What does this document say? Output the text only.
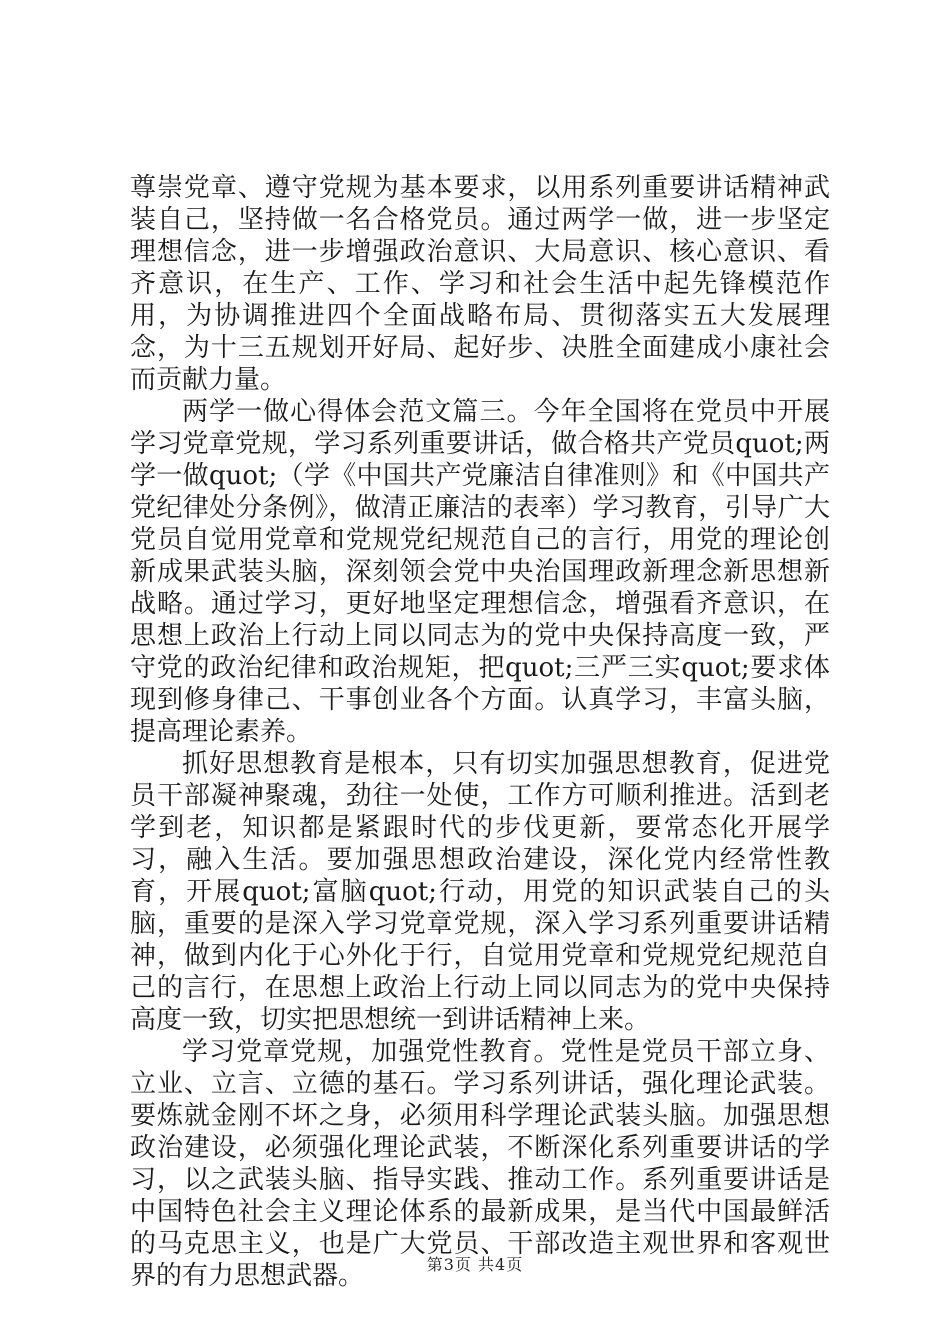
尊崇党章、遵守党规为基本要求，以用系列重要讲话精神武装自己，坚持做一名合格党员。通过两学一做，进一步坚定理想信念，进一步增强政治意识、大局意识、核心意识、看齐意识，在生产、工作、学习和社会生活中起先锋模范作用，为协调推进四个全面战略布局、贯彻落实五大发展理念，为十三五规划开好局、起好步、决胜全面建成小康社会而贡献力量。

两学一做心得体会范文篇三。今年全国将在党员中开展学习党章党规，学习系列重要讲话，做合格共产党员quot;两学一做quot;（学《中国共产党廉洁自律准则》和《中国共产党纪律处分条例》，做清正廉洁的表率）学习教育，引导广大党员自觉用党章和党规党纪规范自己的言行，用党的理论创新成果武装头脑，深刻领会党中央治国理政新理念新思想新战略。通过学习，更好地坚定理想信念，增强看齐意识，在思想上政治上行动上同以同志为的党中央保持高度一致，严守党的政治纪律和政治规矩，把quot;三严三实quot;要求体现到修身律己、干事创业各个方面。认真学习，丰富头脑，提高理论素养。

抓好思想教育是根本，只有切实加强思想教育，促进党员干部凝神聚魂，劲往一处使，工作方可顺利推进。活到老学到老，知识都是紧跟时代的步伐更新，要常态化开展学习，融入生活。要加强思想政治建设，深化党内经常性教育，开展quot;富脑quot;行动，用党的知识武装自己的头脑，重要的是深入学习党章党规，深入学习系列重要讲话精神，做到内化于心外化于行，自觉用党章和党规党纪规范自己的言行，在思想上政治上行动上同以同志为的党中央保持高度一致，切实把思想统一到讲话精神上来。

学习党章党规，加强党性教育。党性是党员干部立身、立业、立言、立德的基石。学习系列讲话，强化理论武装。要炼就金刚不坏之身，必须用科学理论武装头脑。加强思想政治建设，必须强化理论武装，不断深化系列重要讲话的学习，以之武装头脑、指导实践、推动工作。系列重要讲话是中国特色社会主义理论体系的最新成果，是当代中国最鲜活的马克思主义，也是广大党员、干部改造主观世界和客观世界的有力思想武器。	第3页 共4页
